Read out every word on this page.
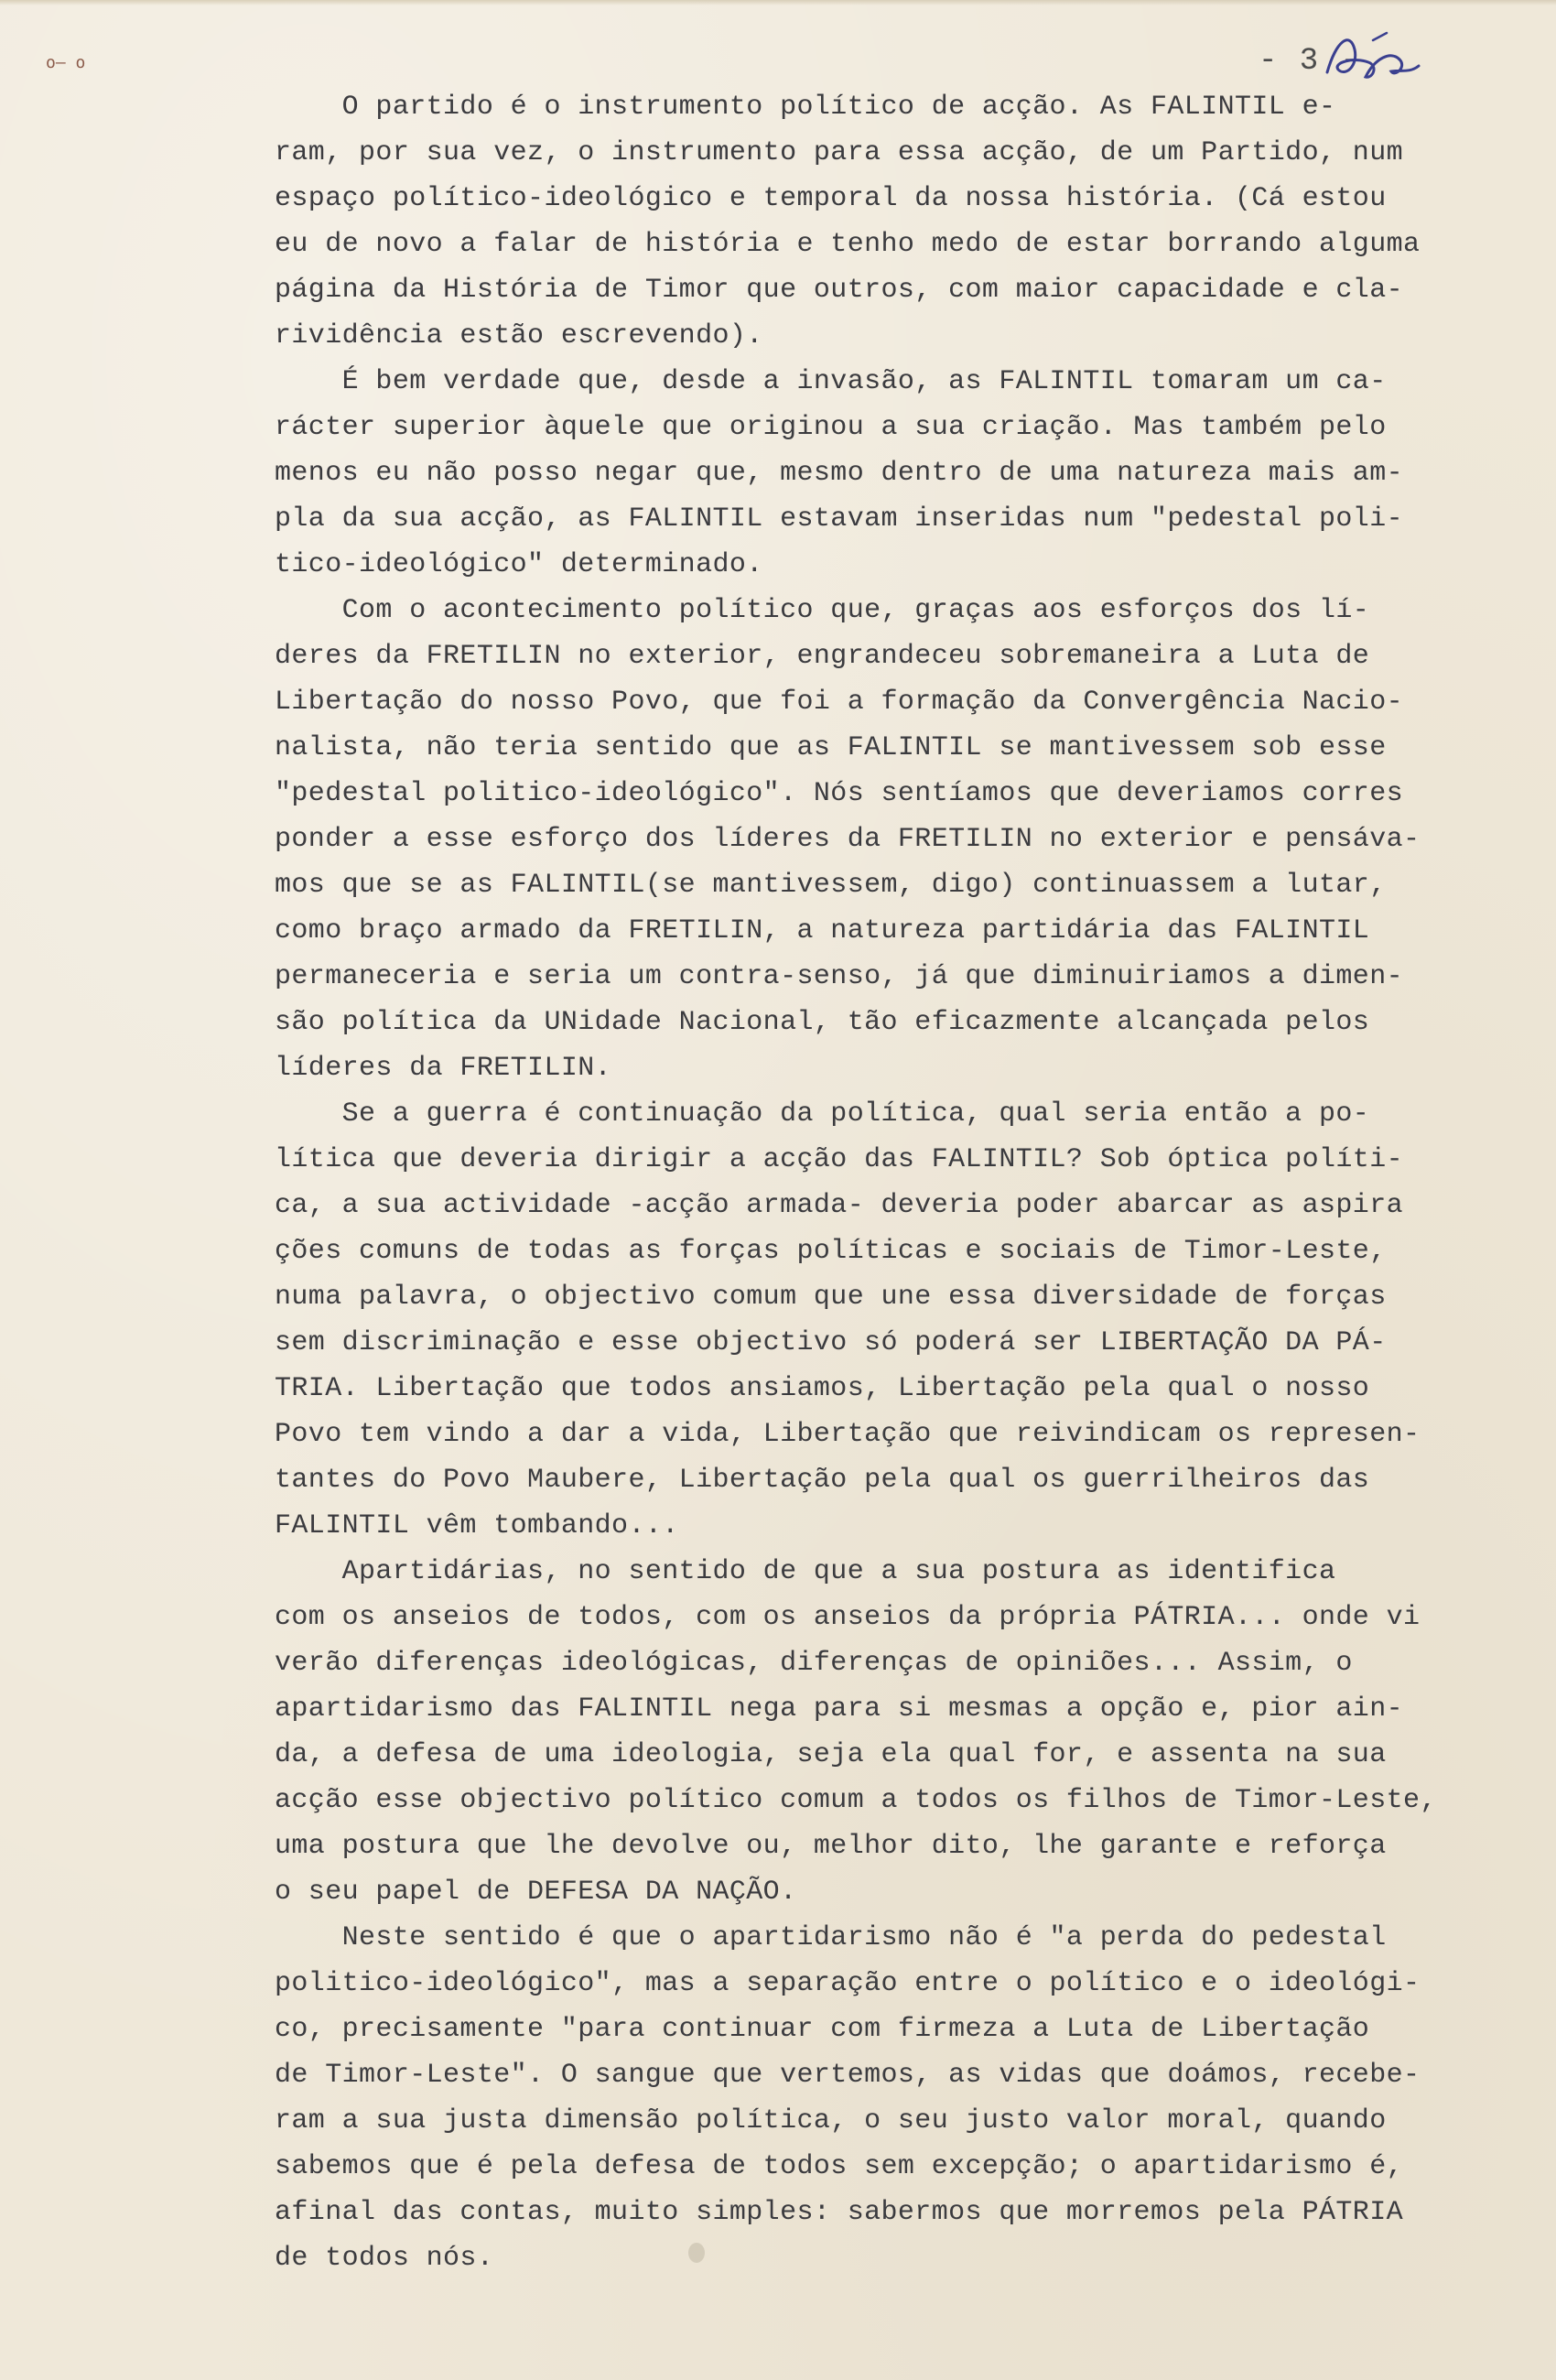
o— o	- 3 -
O partido é o instrumento político de acção. As FALINTIL e-
ram, por sua vez, o instrumento para essa acção, de um Partido, num
espaço político-ideológico e temporal da nossa história. (Cá estou
eu de novo a falar de história e tenho medo de estar borrando alguma
página da História de Timor que outros, com maior capacidade e cla-
rividência estão escrevendo).
É bem verdade que, desde a invasão, as FALINTIL tomaram um ca-
rácter superior àquele que originou a sua criação. Mas também pelo
menos eu não posso negar que, mesmo dentro de uma natureza mais am-
pla da sua acção, as FALINTIL estavam inseridas num "pedestal poli-
tico-ideológico" determinado.
Com o acontecimento político que, graças aos esforços dos lí-
deres da FRETILIN no exterior, engrandeceu sobremaneira a Luta de
Libertação do nosso Povo, que foi a formação da Convergência Nacio-
nalista, não teria sentido que as FALINTIL se mantivessem sob esse
"pedestal politico-ideológico". Nós sentíamos que deveriamos corres
ponder a esse esforço dos líderes da FRETILIN no exterior e pensáva-
mos que se as FALINTIL(se mantivessem, digo) continuassem a lutar,
como braço armado da FRETILIN, a natureza partidária das FALINTIL
permaneceria e seria um contra-senso, já que diminuiriamos a dimen-
são política da UNidade Nacional, tão eficazmente alcançada pelos
líderes da FRETILIN.
Se a guerra é continuação da política, qual seria então a po-
lítica que deveria dirigir a acção das FALINTIL? Sob óptica políti-
ca, a sua actividade -acção armada- deveria poder abarcar as aspira
ções comuns de todas as forças políticas e sociais de Timor-Leste,
numa palavra, o objectivo comum que une essa diversidade de forças
sem discriminação e esse objectivo só poderá ser LIBERTAÇÃO DA PÁ-
TRIA. Libertação que todos ansiamos, Libertação pela qual o nosso
Povo tem vindo a dar a vida, Libertação que reivindicam os represen-
tantes do Povo Maubere, Libertação pela qual os guerrilheiros das
FALINTIL vêm tombando...
Apartidárias, no sentido de que a sua postura as identifica
com os anseios de todos, com os anseios da própria PÁTRIA... onde vi
verão diferenças ideológicas, diferenças de opiniões... Assim, o
apartidarismo das FALINTIL nega para si mesmas a opção e, pior ain-
da, a defesa de uma ideologia, seja ela qual for, e assenta na sua
acção esse objectivo político comum a todos os filhos de Timor-Leste,
uma postura que lhe devolve ou, melhor dito, lhe garante e reforça
o seu papel de DEFESA DA NAÇÃO.
Neste sentido é que o apartidarismo não é "a perda do pedestal
politico-ideológico", mas a separação entre o político e o ideológi-
co, precisamente "para continuar com firmeza a Luta de Libertação
de Timor-Leste". O sangue que vertemos, as vidas que doámos, recebe-
ram a sua justa dimensão política, o seu justo valor moral, quando
sabemos que é pela defesa de todos sem excepção; o apartidarismo é,
afinal das contas, muito simples: sabermos que morremos pela PÁTRIA
de todos nós.
